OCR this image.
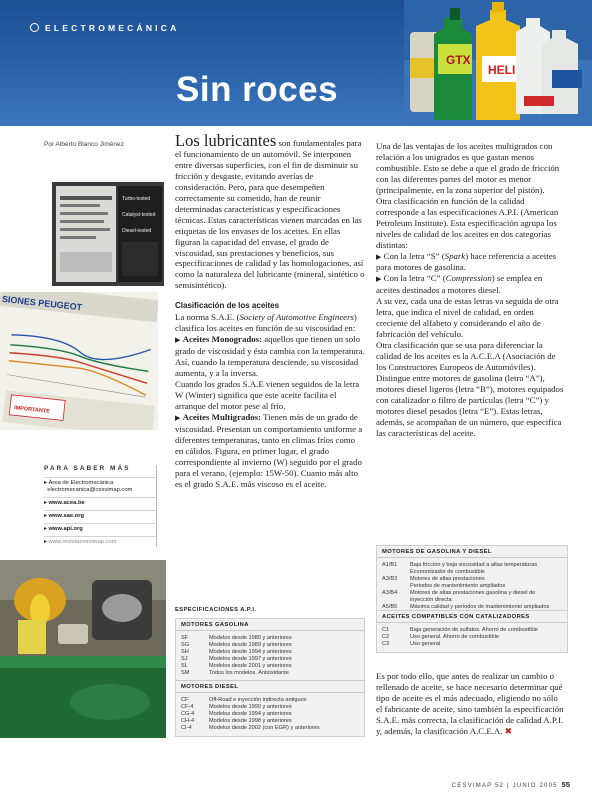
ELECTROMECÁNICA
Sin roces
GTX
HELI
Por Alberto Blanco Jiménez
Turbo-tested
Catalyst-tested
Diesel-tested
SIONES PEUGEOT
IMPORTANTE
PARA SABER MÁS
▸ Área de Electromecánica
electromecanica@cesvimap.com
▸ www.acea.be
▸ www.sae.org
▸ www.api.org
▸ www.revistacesvimap.com

Los lubricantes son fundamentales para el funcionamiento de un automóvil. Se interponen entre diversas superficies, con el fin de disminuir su fricción y desgaste, evitando averías de consideración. Pero, para que desempeñen correctamente su cometido, han de reunir determinadas características y especificaciones técnicas. Estas características vienen marcadas en las etiquetas de los envases de los aceites. En ellas figuran la capacidad del envase, el grado de viscosidad, sus prestaciones y beneficios, sus especificaciones de calidad y las homologaciones, así como la naturaleza del lubricante (mineral, sintético o semisintético).

Clasificación de los aceites

La norma S.A.E. (Society of Automotive Engineers) clasifica los aceites en función de su viscosidad en:

▶ Aceites Monogrados: aquellos que tienen un solo grado de viscosidad y ésta cambia con la temperatura. Así, cuando la temperatura desciende, su viscosidad aumenta, y a la inversa.

Cuando los grados S.A.E vienen seguidos de la letra W (Winter) significa que este aceite facilita el arranque del motor pese al frío.

▶ Aceites Multigrados: Tienen más de un grado de viscosidad. Presentan un comportamiento uniforme a diferentes temperaturas, tanto en climas fríos como en cálidos. Figura, en primer lugar, el grado correspondiente al invierno (W) seguido por el grado para el verano, (ejemplo: 15W-50). Cuanto más alto es el grado S.A.E. más viscoso es el aceite.

ESPECIFICACIONES A.P.I.
MOTORES GASOLINA
SF	Modelos desde 1980 y anteriores
SG	Modelos desde 1989 y anteriores
SH	Modelos desde 1994 y anteriores
SJ	Modelos desde 1997 y anteriores
SL	Modelos desde 2001 y anteriores
SM	Todos los modelos. Antioxidante
MOTORES DIESEL
CF	Off-Road e inyección indirecta antiguos
CF-4	Modelos desde 1990 y anteriores
CG-4	Modelos desde 1994 y anteriores
CH-4	Modelos desde 1998 y anteriores
CI-4	Modelos desde 2002 (con EGR) y anteriores

Una de las ventajas de los aceites multigrados con relación a los unigrados es que gastan menos combustible. Esto se debe a que el grado de fricción con las diferentes partes del motor es menor (principalmente, en la zona superior del pistón).

Otra clasificación en función de la calidad corresponde a las especificaciones A.P.I. (American Petroleum Institute). Esta especificación agrupa los niveles de calidad de los aceites en dos categorías distintas:

▶ Con la letra “S” (Spark) hace referencia a aceites para motores de gasolina.

▶ Con la letra “C” (Compression) se emplea en aceites destinados a motores diesel.

A su vez, cada una de estas letras va seguida de otra letra, que indica el nivel de calidad, en orden creciente del alfabeto y considerando el año de fabricación del vehículo.

Otra clasificación que se usa para diferenciar la calidad de los aceites es la A.C.E.A (Asociación de los Constructores Europeos de Automóviles). Distingue entre motores de gasolina (letra “A”), motores diesel ligeros (letra “B”), motores equipados con catalizador o filtro de partículas (letra “C”) y motores diesel pesados (letra “E”). Estas letras, además, se acompañan de un número, que especifica las características del aceite.

MOTORES DE GASOLINA Y DIESEL
A1/B1	Baja fricción y baja viscosidad a altas temperaturas
Economizador de combustible
A3/B3	Motores de altas prestaciones
Periodos de mantenimiento ampliados
A3/B4	Motores de altas prestaciones gasolina y diesel de
inyección directa
A5/B5	Máxima calidad y periodos de mantenimiento ampliados
ACEITES COMPATIBLES CON CATALIZADORES
C1	Baja generación de sulfatos. Ahorro de combustible
C2	Uso general. Ahorro de combustible
C3	Uso general

Es por todo ello, que antes de realizar un cambio o rellenado de aceite, se hace necesario determinar qué tipo de aceite es el más adecuado, eligiendo no sólo el fabricante de aceite, sino también la especificación S.A.E. más correcta, la clasificación de calidad A.P.I. y, además, la clasificación A.C.E.A. ✖

CESVIMAP 52 | JUNIO 2005 55
